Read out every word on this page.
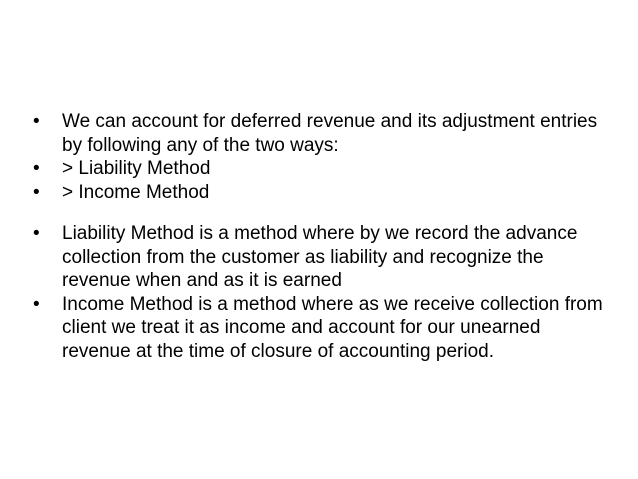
•	We can account for deferred revenue and its adjustment entries by following any of the two ways:
•	> Liability Method
•	> Income Method
•	Liability Method is a method where by we record the advance collection from the customer as liability and recognize the revenue when and as it is earned
•	Income Method is a method where as we receive collection from client we treat it as income and account for our unearned revenue at the time of closure of accounting period.
